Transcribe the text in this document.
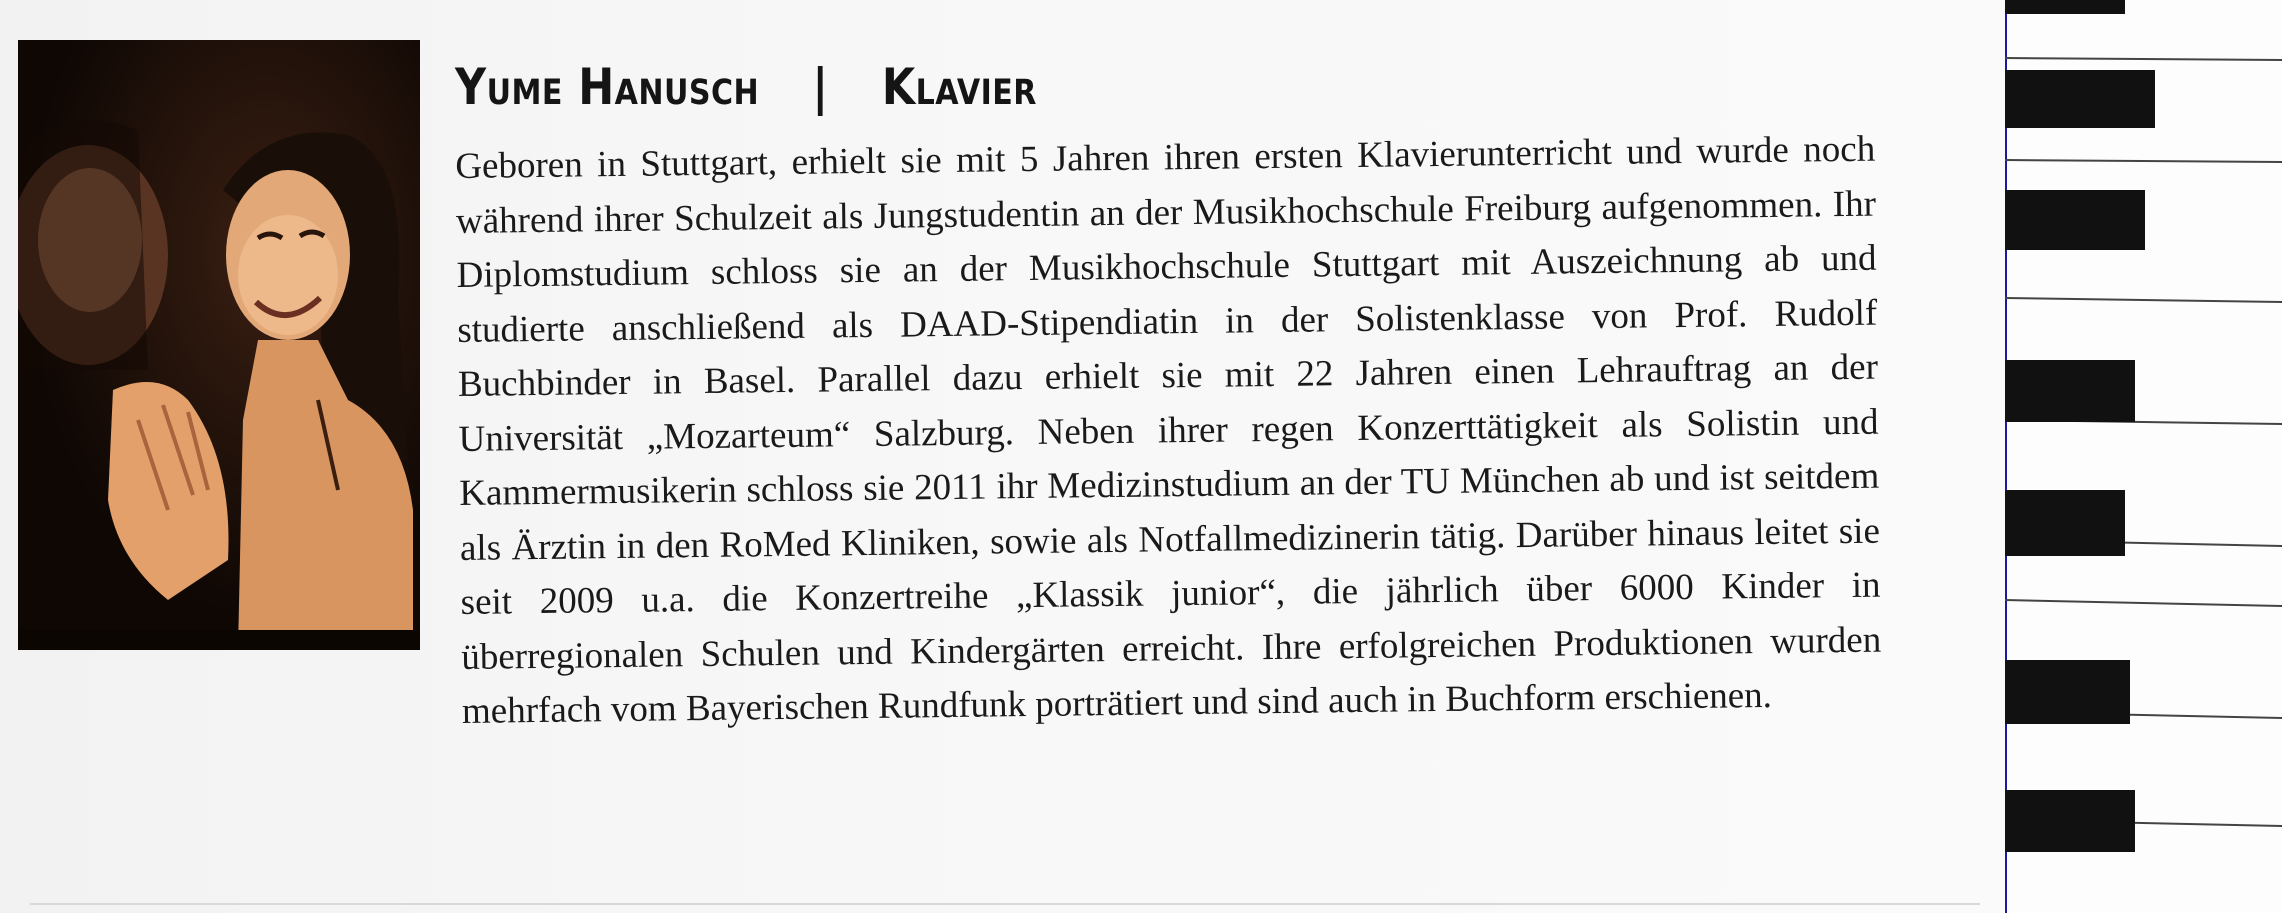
Yume Hanusch | Klavier

Geboren in Stuttgart, erhielt sie mit 5 Jahren ihren ersten Klavierunterricht und wurde noch während ihrer Schulzeit als Jungstudentin an der Musikhochschule Freiburg aufgenommen. Ihr Diplomstudium schloss sie an der Musikhochschule Stuttgart mit Auszeichnung ab und studierte anschließend als DAAD-Stipendiatin in der Solistenklasse von Prof. Rudolf Buchbinder in Basel. Parallel dazu erhielt sie mit 22 Jahren einen Lehrauftrag an der Universität „Mozarteum“ Salzburg. Neben ihrer regen Konzerttätigkeit als Solistin und Kammermusikerin schloss sie 2011 ihr Medizinstudium an der TU München ab und ist seitdem als Ärztin in den RoMed Kliniken, sowie als Notfallmedizinerin tätig. Darüber hinaus leitet sie seit 2009 u.a. die Konzertreihe „Klassik junior“, die jährlich über 6000 Kinder in überregionalen Schulen und Kindergärten erreicht. Ihre erfolgreichen Produktionen wurden mehrfach vom Bayerischen Rundfunk porträtiert und sind auch in Buchform erschienen.
